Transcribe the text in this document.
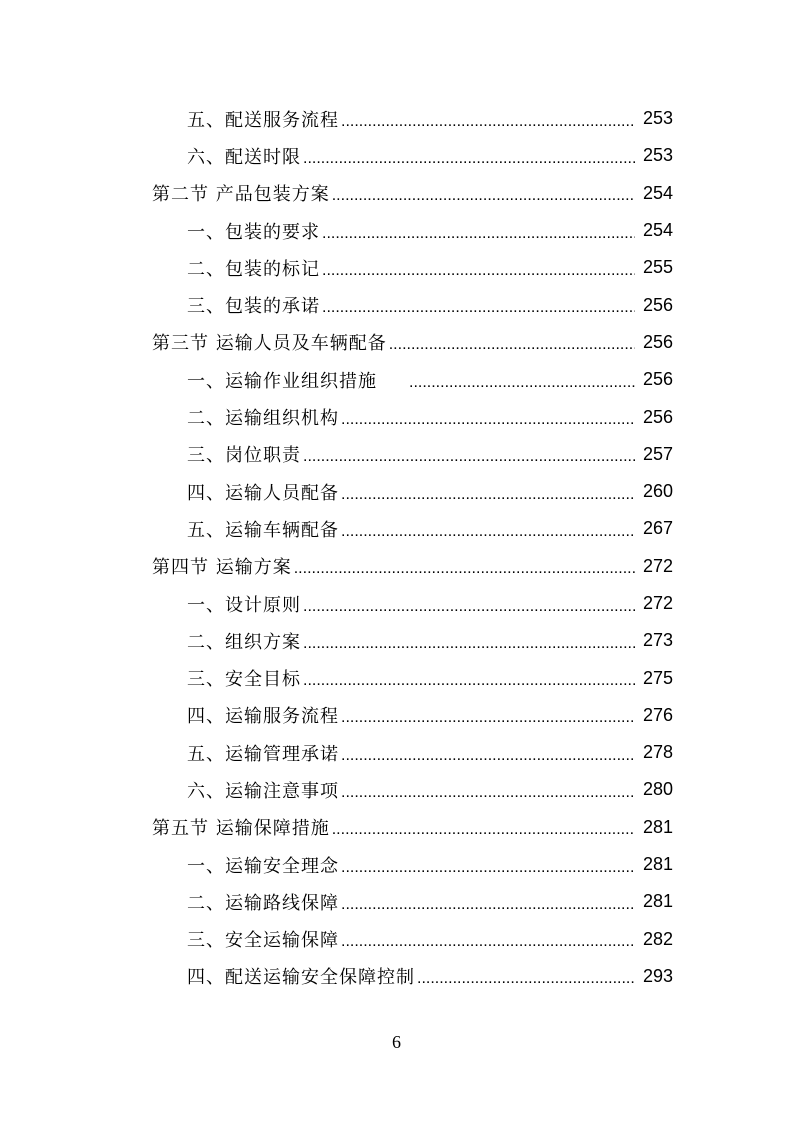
五、配送服务流程 .....	253
六、配送时限 .....	253
第二节 产品包装方案 .....	254
一、包装的要求 .....	254
二、包装的标记 .....	255
三、包装的承诺 .....	256
第三节 运输人员及车辆配备 .....	256
一、运输作业组织措施 .....	256
二、运输组织机构 .....	256
三、岗位职责 .....	257
四、运输人员配备 .....	260
五、运输车辆配备 .....	267
第四节 运输方案 .....	272
一、设计原则 .....	272
二、组织方案 .....	273
三、安全目标 .....	275
四、运输服务流程 .....	276
五、运输管理承诺 .....	278
六、运输注意事项 .....	280
第五节 运输保障措施 .....	281
一、运输安全理念 .....	281
二、运输路线保障 .....	281
三、安全运输保障 .....	282
四、配送运输安全保障控制 .....	293
6
